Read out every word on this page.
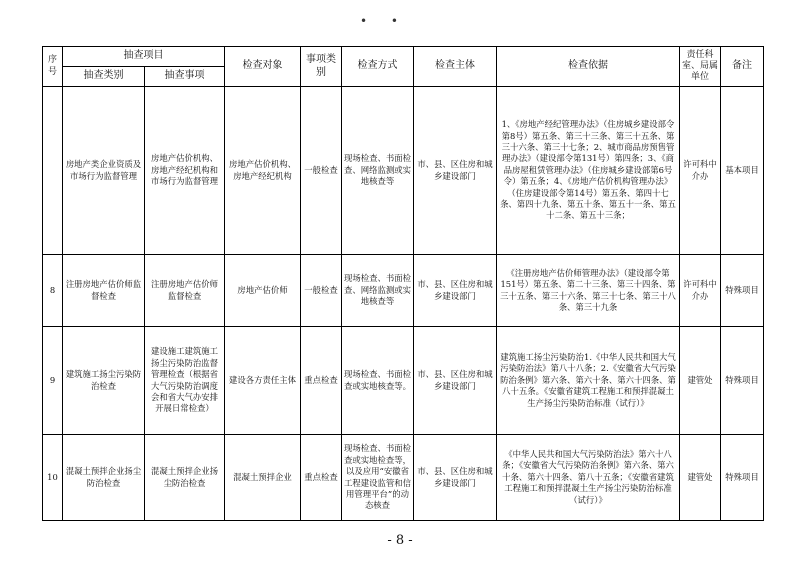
• •
序号	抽查项目		检查对象	事项类别	检查方式	检查主体	检查依据	责任科室、局属单位	备注
	抽查类别	抽查事项							
	房地产类企业资质及市场行为监督管理	房地产估价机构、房地产经纪机构和市场行为监督管理	房地产估价机构、房地产经纪机构	一般检查	现场检查、书面检查、网络监测或实地核查等	市、县、区住房和城乡建设部门	1、《房地产经纪管理办法》（住房城乡建设部令第8号）第五条、第三十三条、第三十五条、第三十六条、第三十七条；2、城市商品房预售管理办法》（建设部令第131号）第四条；3、《商品房屋租赁管理办法》（住房城乡建设部第6号令）第五条；4、《房地产估价机构管理办法》（住房建设部令第14号）第五条、第四十七条、第四十九条、第五十条、第五十一条、第五十二条、第五十三条；	许可科中介办	基本项目
8	注册房地产估价师监督检查	注册房地产估价师监督检查	房地产估价师	一般检查	现场检查、书面检查、网络监测或实地核查等	市、县、区住房和城乡建设部门	《注册房地产估价师管理办法》（建设部令第151号）第五条、第二十三条、第三十四条、第三十五条、第三十六条、第三十七条、第三十八条、第三十九条	许可科中介办	特殊项目
9	建筑施工扬尘污染防治检查	建设施工建筑施工扬尘污染防治监督管理检查（根据省大气污染防治调度会和省大气办安排开展日常检查）	建设各方责任主体	重点检查	现场检查、书面检查或实地核查等。	市、县、区住房和城乡建设部门	建筑施工扬尘污染防治1.《中华人民共和国大气污染防治法》第八十八条；2.《安徽省大气污染防治条例》第六条、第六十条、第六十四条、第八十五条。《安徽省建筑工程施工和预拌混凝土生产扬尘污染防治标准（试行）》	建管处	特殊项目
10	混凝土预拌企业扬尘防治检查	混凝土预拌企业扬尘防治检查	混凝土预拌企业	重点检查	现场检查、书面检查或实地检查等，以及应用“安徽省工程建设监管和信用管理平台”的动态核查	市、县、区住房和城乡建设部门	《中华人民共和国大气污染防治法》第六十八条；《安徽省大气污染防治条例》第六条、第六十条、第六十四条、第八十五条；《安徽省建筑工程施工和预拌混凝土生产扬尘污染防治标准（试行）》	建管处	特殊项目
- 8 -
